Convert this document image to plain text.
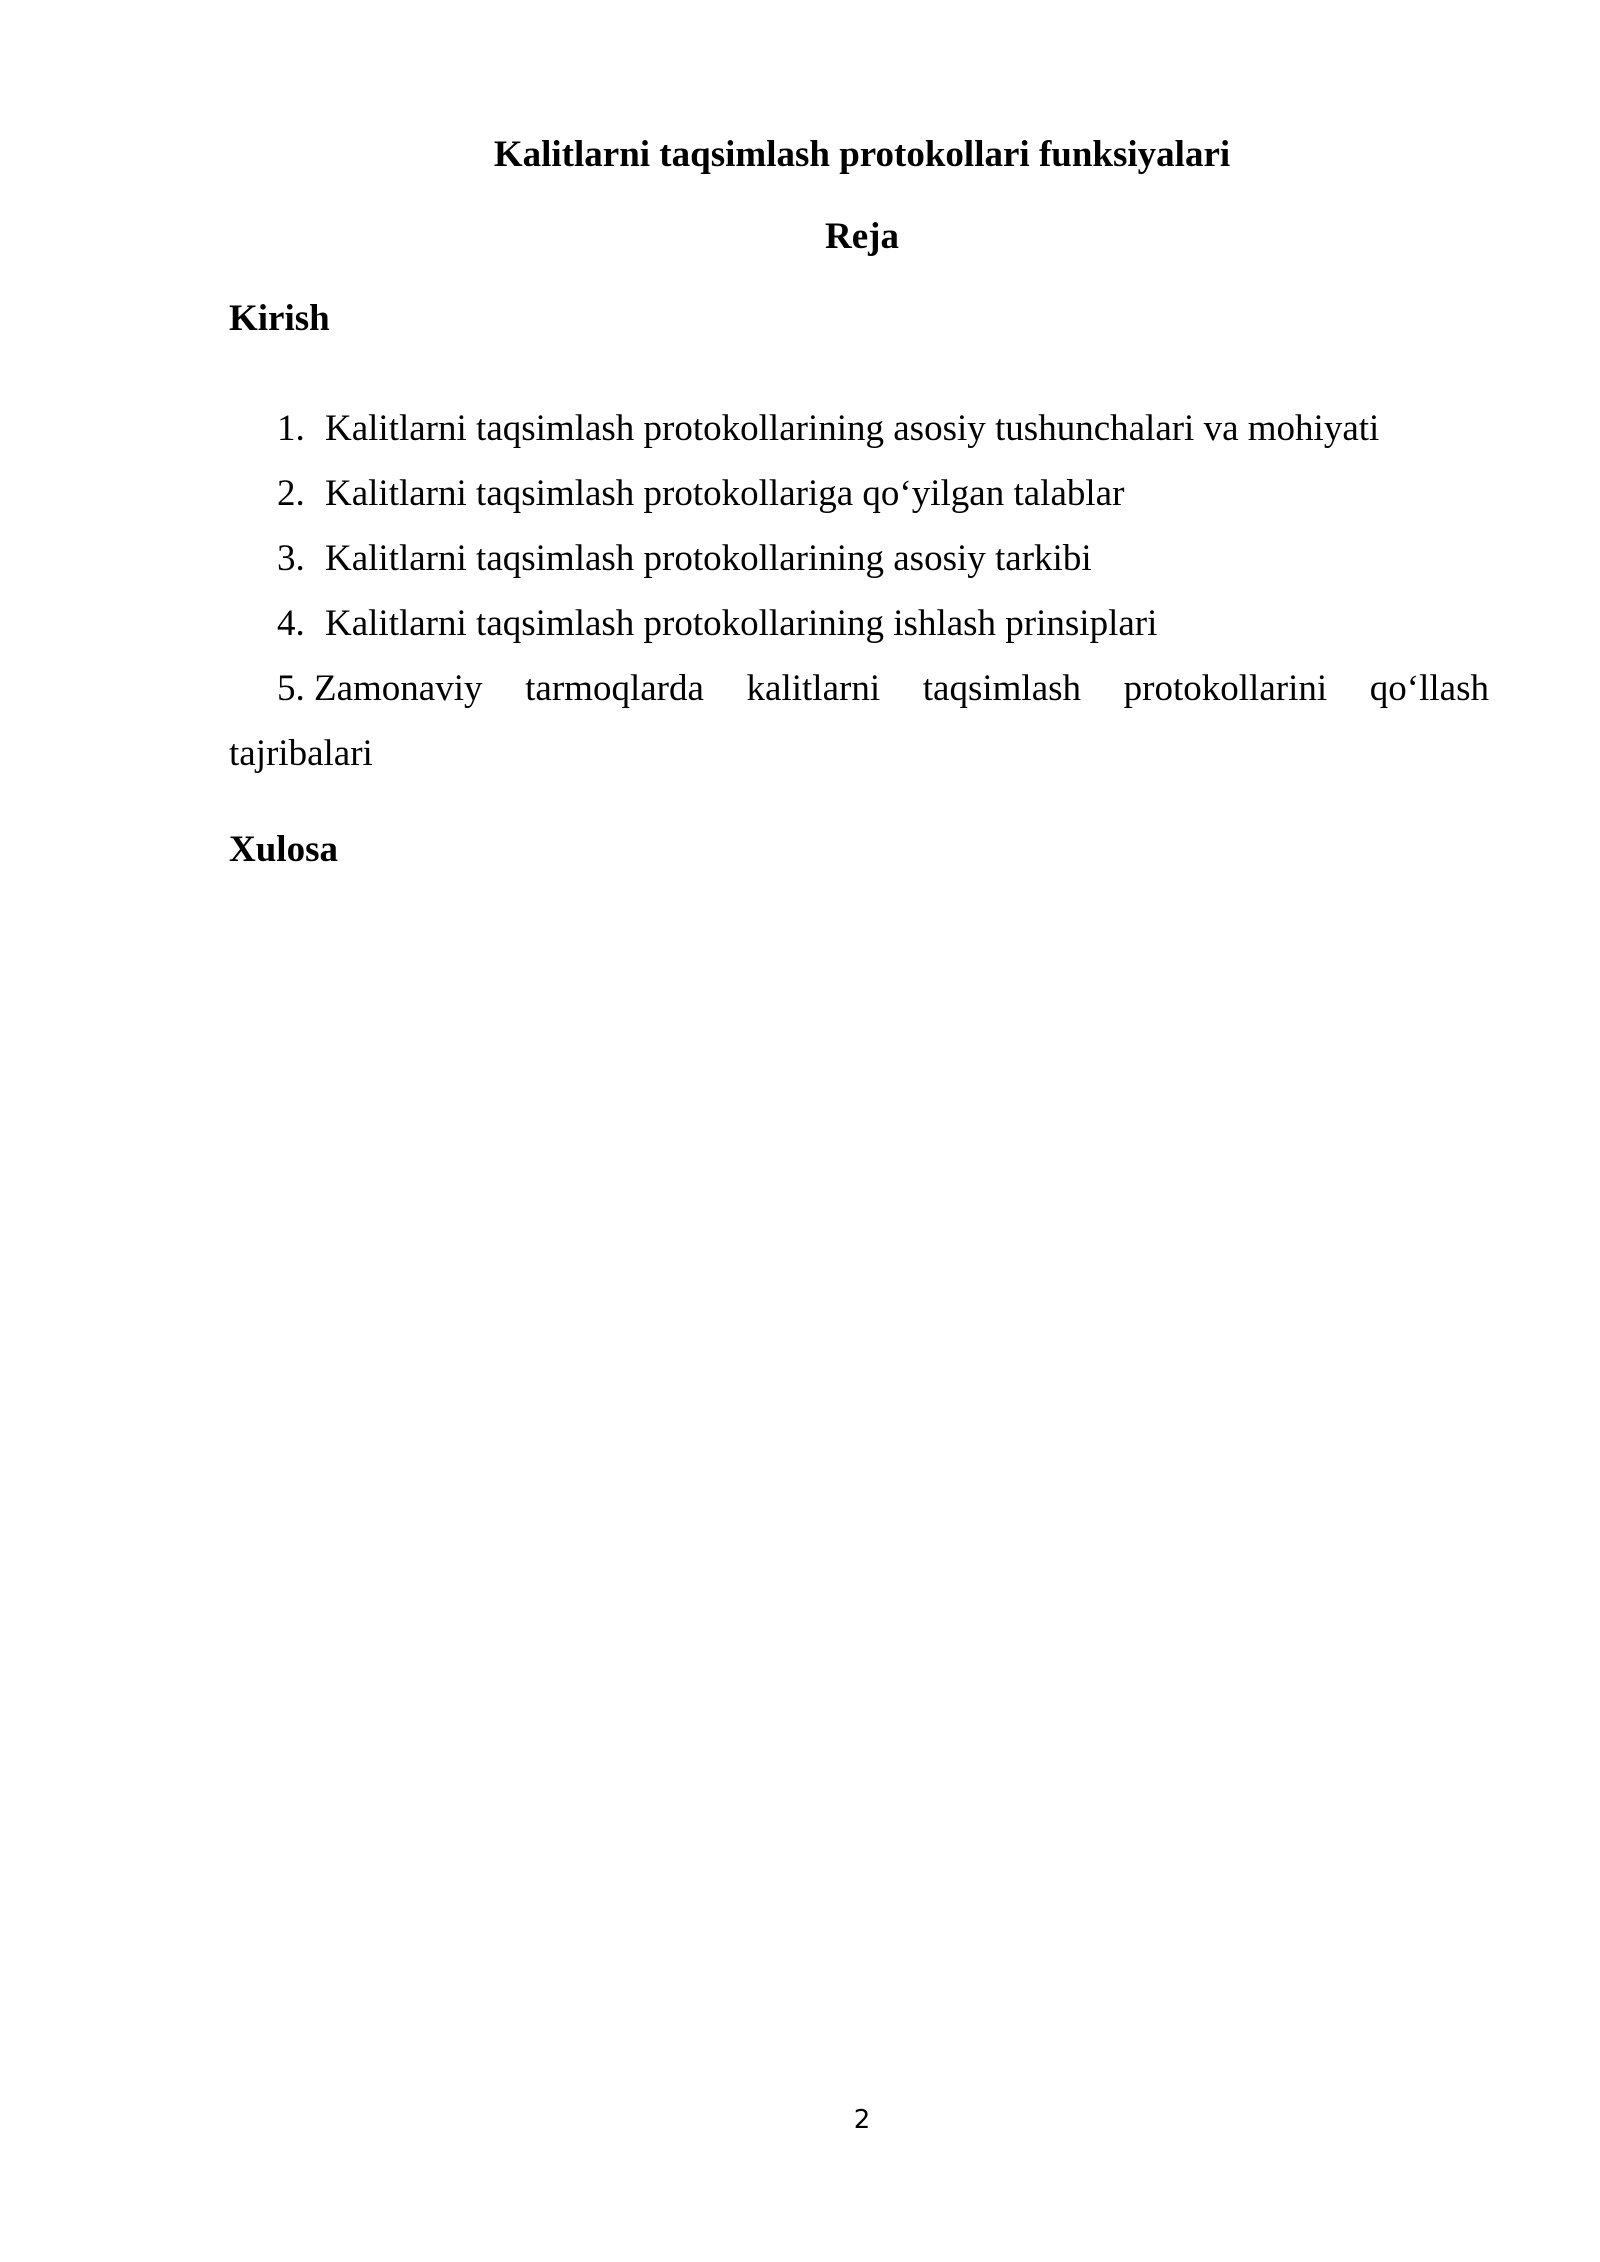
Kalitlarni taqsimlash protokollari funksiyalari
Reja
Kirish
1. Kalitlarni taqsimlash protokollarining asosiy tushunchalari va mohiyati
2. Kalitlarni taqsimlash protokollariga qo‘yilgan talablar
3. Kalitlarni taqsimlash protokollarining asosiy tarkibi
4. Kalitlarni taqsimlash protokollarining ishlash prinsiplari
5. Zamonaviy tarmoqlarda kalitlarni taqsimlash protokollarini qo‘llash
tajribalari
Xulosa
2
